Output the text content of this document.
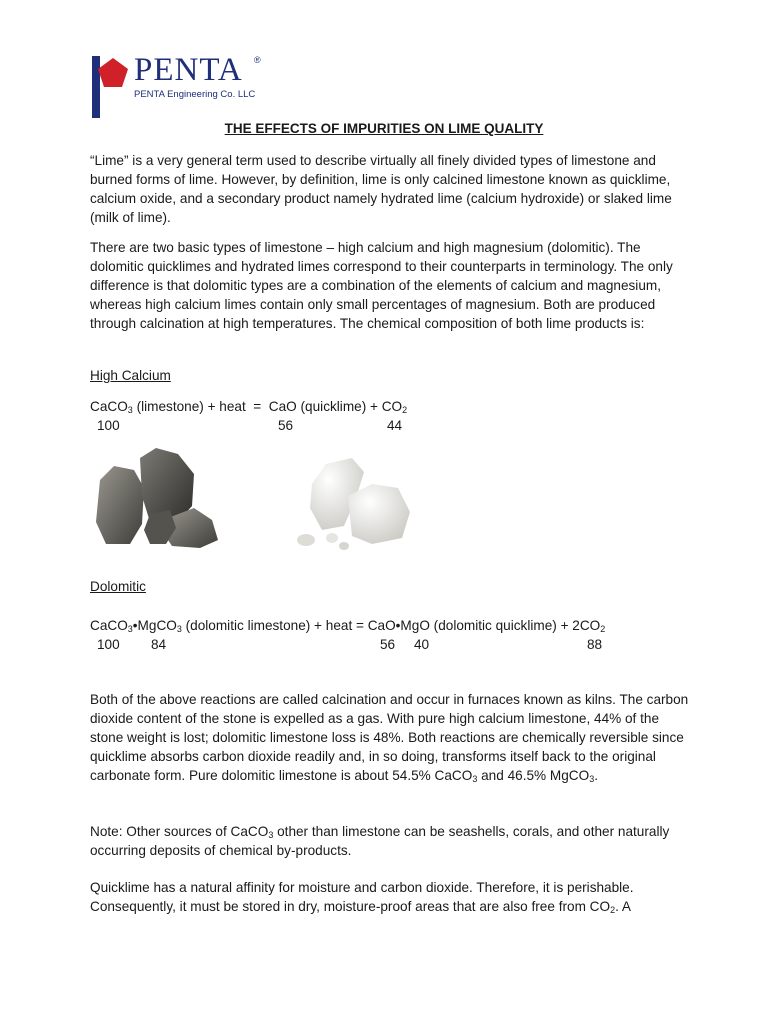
PENTA ®
PENTA Engineering Co. LLC
THE EFFECTS OF IMPURITIES ON LIME QUALITY

“Lime” is a very general term used to describe virtually all finely divided types of limestone and burned forms of lime. However, by definition, lime is only calcined limestone known as quicklime, calcium oxide, and a secondary product namely hydrated lime (calcium hydroxide) or slaked lime (milk of lime).

There are two basic types of limestone – high calcium and high magnesium (dolomitic). The dolomitic quicklimes and hydrated limes correspond to their counterparts in terminology. The only difference is that dolomitic types are a combination of the elements of calcium and magnesium, whereas high calcium limes contain only small percentages of magnesium. Both are produced through calcination at high temperatures. The chemical composition of both lime products is:

High Calcium
CaCO$_3$ (limestone) + heat  =  CaO (quicklime) + $CO_2$
100	56	44
Dolomitic
CaCO$_3$•MgCO$_3$ (dolomitic limestone) + heat = CaO•MgO (dolomitic quicklime) + $2CO_2$
100 84	56 40	88

Both of the above reactions are called calcination and occur in furnaces known as kilns. The carbon dioxide content of the stone is expelled as a gas. With pure high calcium limestone, 44% of the stone weight is lost; dolomitic limestone loss is 48%. Both reactions are chemically reversible since quicklime absorbs carbon dioxide readily and, in so doing, transforms itself back to the original carbonate form. Pure dolomitic limestone is about 54.5% CaCO$_3$ and 46.5% MgCO$_3$.

Note: Other sources of CaCO$_3$ other than limestone can be seashells, corals, and other naturally occurring deposits of chemical by-products.

Quicklime has a natural affinity for moisture and carbon dioxide. Therefore, it is perishable. Consequently, it must be stored in dry, moisture-proof areas that are also free from $CO_2$. A
